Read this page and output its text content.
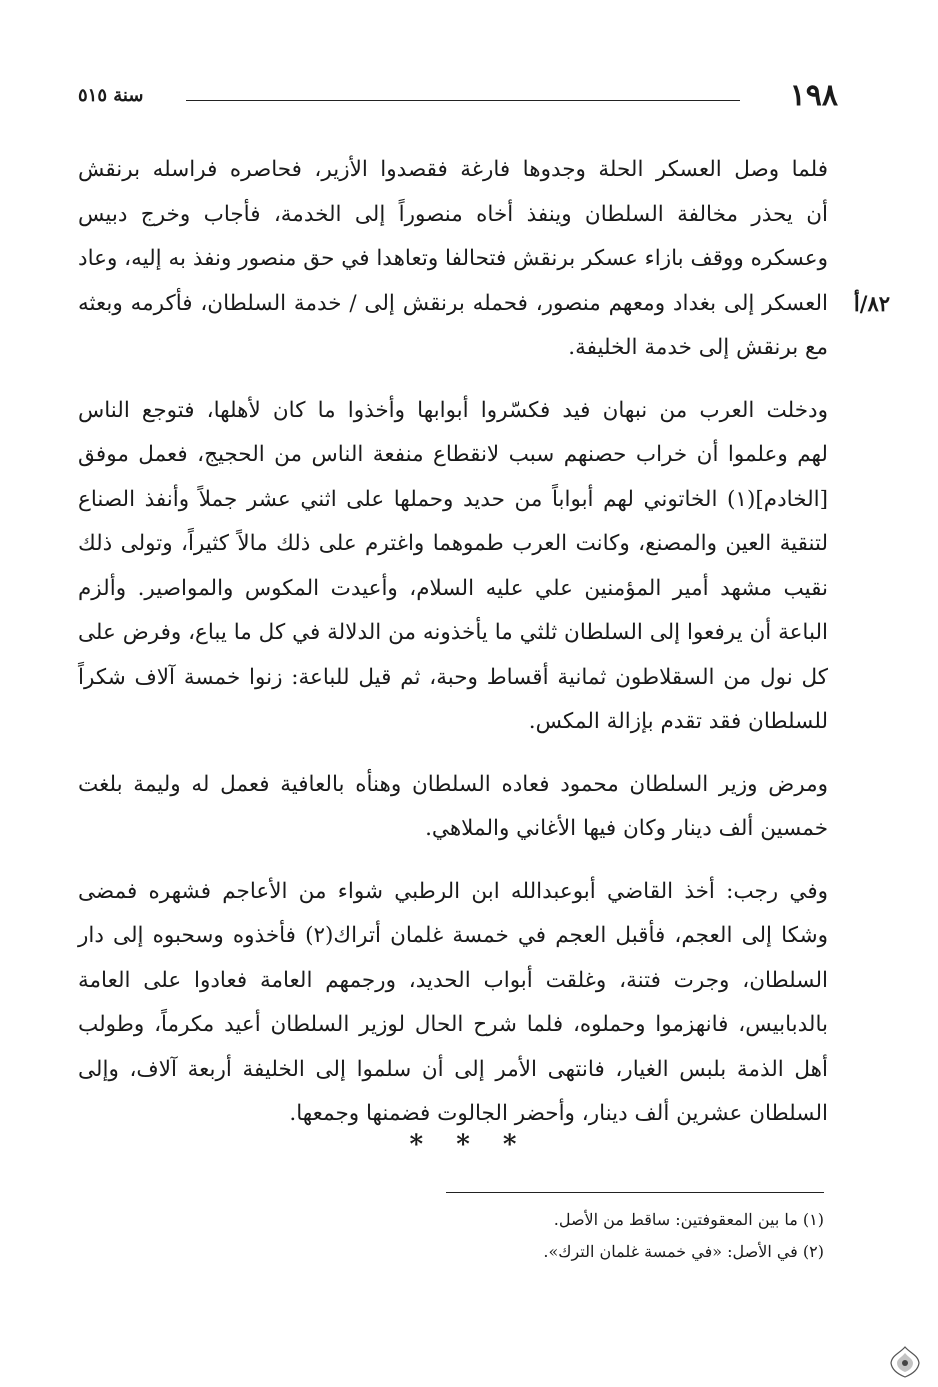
١٩٨
سنة ٥١٥

فلما وصل العسكر الحلة وجدوها فارغة فقصدوا الأزير، فحاصره فراسله برنقش
أن يحذر مخالفة السلطان وينفذ أخاه منصوراً إلى الخدمة، فأجاب وخرج دبيس
وعسكره ووقف بازاء عسكر برنقش فتحالفا وتعاهدا في حق منصور ونفذ به إليه، وعاد
العسكر إلى بغداد ومعهم منصور، فحمله برنقش إلى / خدمة السلطان، فأكرمه وبعثه
مع برنقش إلى خدمة الخليفة.

٨٢/أ

ودخلت العرب من نبهان فيد فكسّروا أبوابها وأخذوا ما كان لأهلها، فتوجع الناس
لهم وعلموا أن خراب حصنهم سبب لانقطاع منفعة الناس من الحجيج، فعمل موفق
[الخادم](١) الخاتوني لهم أبواباً من حديد وحملها على اثني عشر جملاً وأنفذ الصناع
لتنقية العين والمصنع، وكانت العرب طموهما واغترم على ذلك مالاً كثيراً، وتولى ذلك
نقيب مشهد أمير المؤمنين علي عليه السلام، وأعيدت المكوس والمواصير. وألزم
الباعة أن يرفعوا إلى السلطان ثلثي ما يأخذونه من الدلالة في كل ما يباع، وفرض على
كل نول من السقلاطون ثمانية أقساط وحبة، ثم قيل للباعة: زنوا خمسة آلاف شكراً
للسلطان فقد تقدم بإزالة المكس.

ومرض وزير السلطان محمود فعاده السلطان وهنأه بالعافية فعمل له وليمة بلغت
خمسين ألف دينار وكان فيها الأغاني والملاهي.

وفي رجب: أخذ القاضي أبوعبدالله ابن الرطبي شواء من الأعاجم فشهره فمضى
وشكا إلى العجم، فأقبل العجم في خمسة غلمان أتراك(٢) فأخذوه وسحبوه إلى دار
السلطان، وجرت فتنة، وغلقت أبواب الحديد، ورجمهم العامة فعادوا على العامة
بالدبابيس، فانهزموا وحملوه، فلما شرح الحال لوزير السلطان أعيد مكرماً، وطولب
أهل الذمة بلبس الغيار، فانتهى الأمر إلى أن سلموا إلى الخليفة أربعة آلاف، وإلى
السلطان عشرين ألف دينار، وأحضر الجالوت فضمنها وجمعها.

* * *
(١) ما بين المعقوفتين: ساقط من الأصل.
(٢) في الأصل: «في خمسة غلمان الترك».
